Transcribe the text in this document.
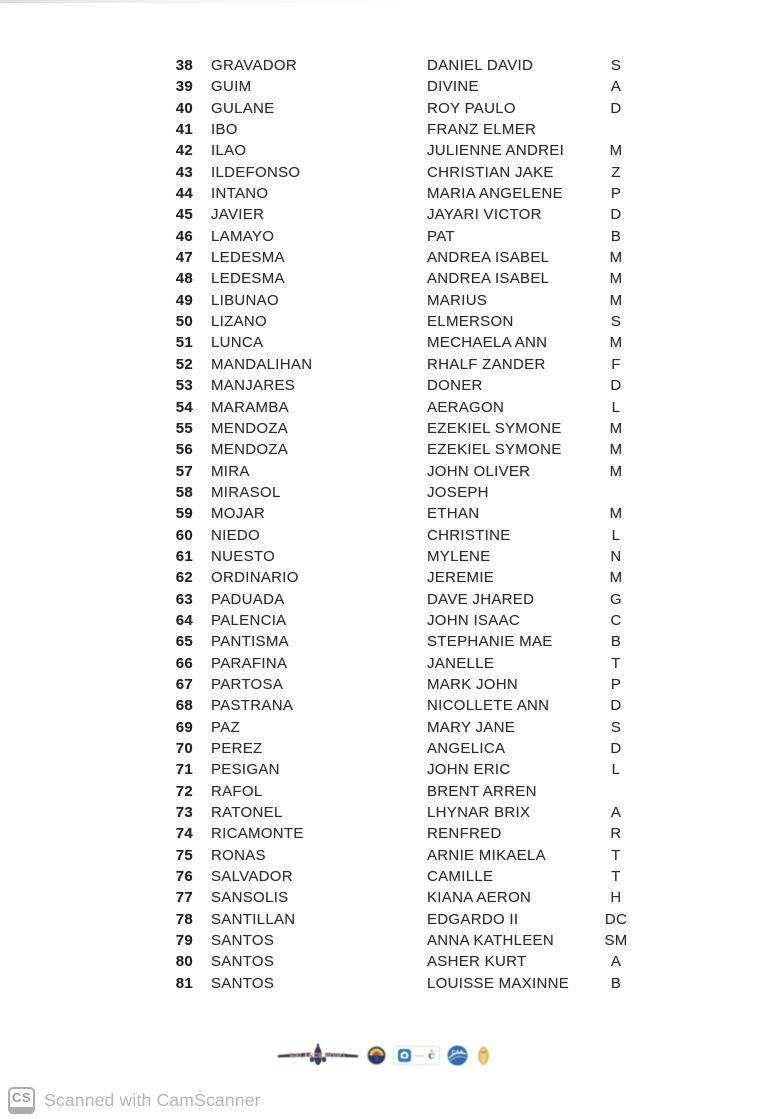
38 GRAVADOR	DANIEL DAVID	S
39 GUIM	DIVINE	A
40 GULANE	ROY PAULO	D
41 IBO	FRANZ ELMER
42 ILAO	JULIENNE ANDREI	M
43 ILDEFONSO	CHRISTIAN JAKE	Z
44 INTANO	MARIA ANGELENE	P
45 JAVIER	JAYARI VICTOR	D
46 LAMAYO	PAT	B
47 LEDESMA	ANDREA ISABEL	M
48 LEDESMA	ANDREA ISABEL	M
49 LIBUNAO	MARIUS	M
50 LIZANO	ELMERSON	S
51 LUNCA	MECHAELA ANN	M
52 MANDALIHAN	RHALF ZANDER	F
53 MANJARES	DONER	D
54 MARAMBA	AERAGON	L
55 MENDOZA	EZEKIEL SYMONE	M
56 MENDOZA	EZEKIEL SYMONE	M
57 MIRA	JOHN OLIVER	M
58 MIRASOL	JOSEPH
59 MOJAR	ETHAN	M
60 NIEDO	CHRISTINE	L
61 NUESTO	MYLENE	N
62 ORDINARIO	JEREMIE	M
63 PADUADA	DAVE JHARED	G
64 PALENCIA	JOHN ISAAC	C
65 PANTISMA	STEPHANIE MAE	B
66 PARAFINA	JANELLE	T
67 PARTOSA	MARK JOHN	P
68 PASTRANA	NICOLLETE ANN	D
69 PAZ	MARY JANE	S
70 PEREZ	ANGELICA	D
71 PESIGAN	JOHN ERIC	L
72 RAFOL	BRENT ARREN
73 RATONEL	LHYNAR BRIX	A
74 RICAMONTE	RENFRED	R
75 RONAS	ARNIE MIKAELA	T
76 SALVADOR	CAMILLE	T
77 SANSOLIS	KIANA AERON	H
78 SANTILLAN	EDGARDO II	DC
79 SANTOS	ANNA KATHLEEN	SM
80 SANTOS	ASHER KURT	A
81 SANTOS	LOUISSE MAXINNE	B
BALANCE POINT	— ċ	CAA
CS Scanned with CamScanner
